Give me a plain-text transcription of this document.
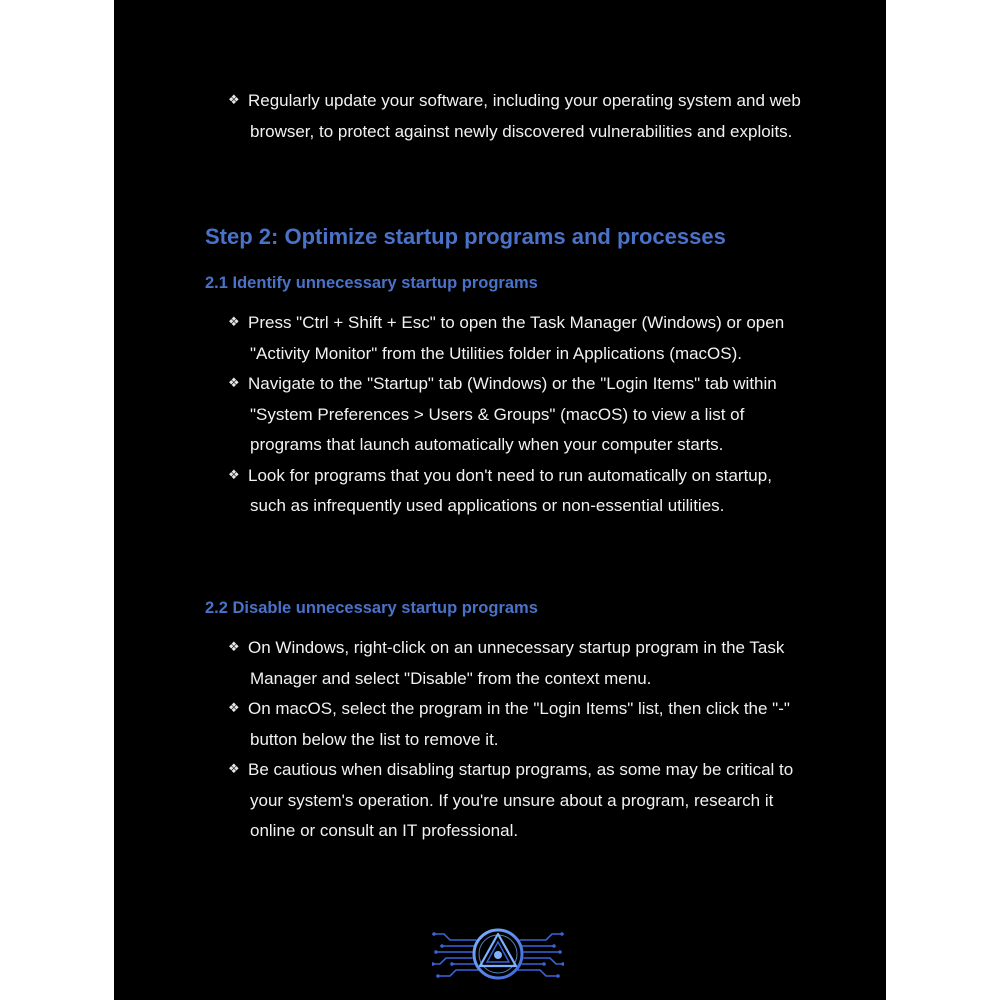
❖ Regularly update your software, including your operating system and web browser, to protect against newly discovered vulnerabilities and exploits.
Step 2: Optimize startup programs and processes
2.1 Identify unnecessary startup programs
❖ Press "Ctrl + Shift + Esc" to open the Task Manager (Windows) or open "Activity Monitor" from the Utilities folder in Applications (macOS).
❖ Navigate to the "Startup" tab (Windows) or the "Login Items" tab within "System Preferences > Users & Groups" (macOS) to view a list of programs that launch automatically when your computer starts.
❖ Look for programs that you don't need to run automatically on startup, such as infrequently used applications or non-essential utilities.
2.2 Disable unnecessary startup programs
❖ On Windows, right-click on an unnecessary startup program in the Task Manager and select "Disable" from the context menu.
❖ On macOS, select the program in the "Login Items" list, then click the "-" button below the list to remove it.
❖ Be cautious when disabling startup programs, as some may be critical to your system's operation. If you're unsure about a program, research it online or consult an IT professional.
